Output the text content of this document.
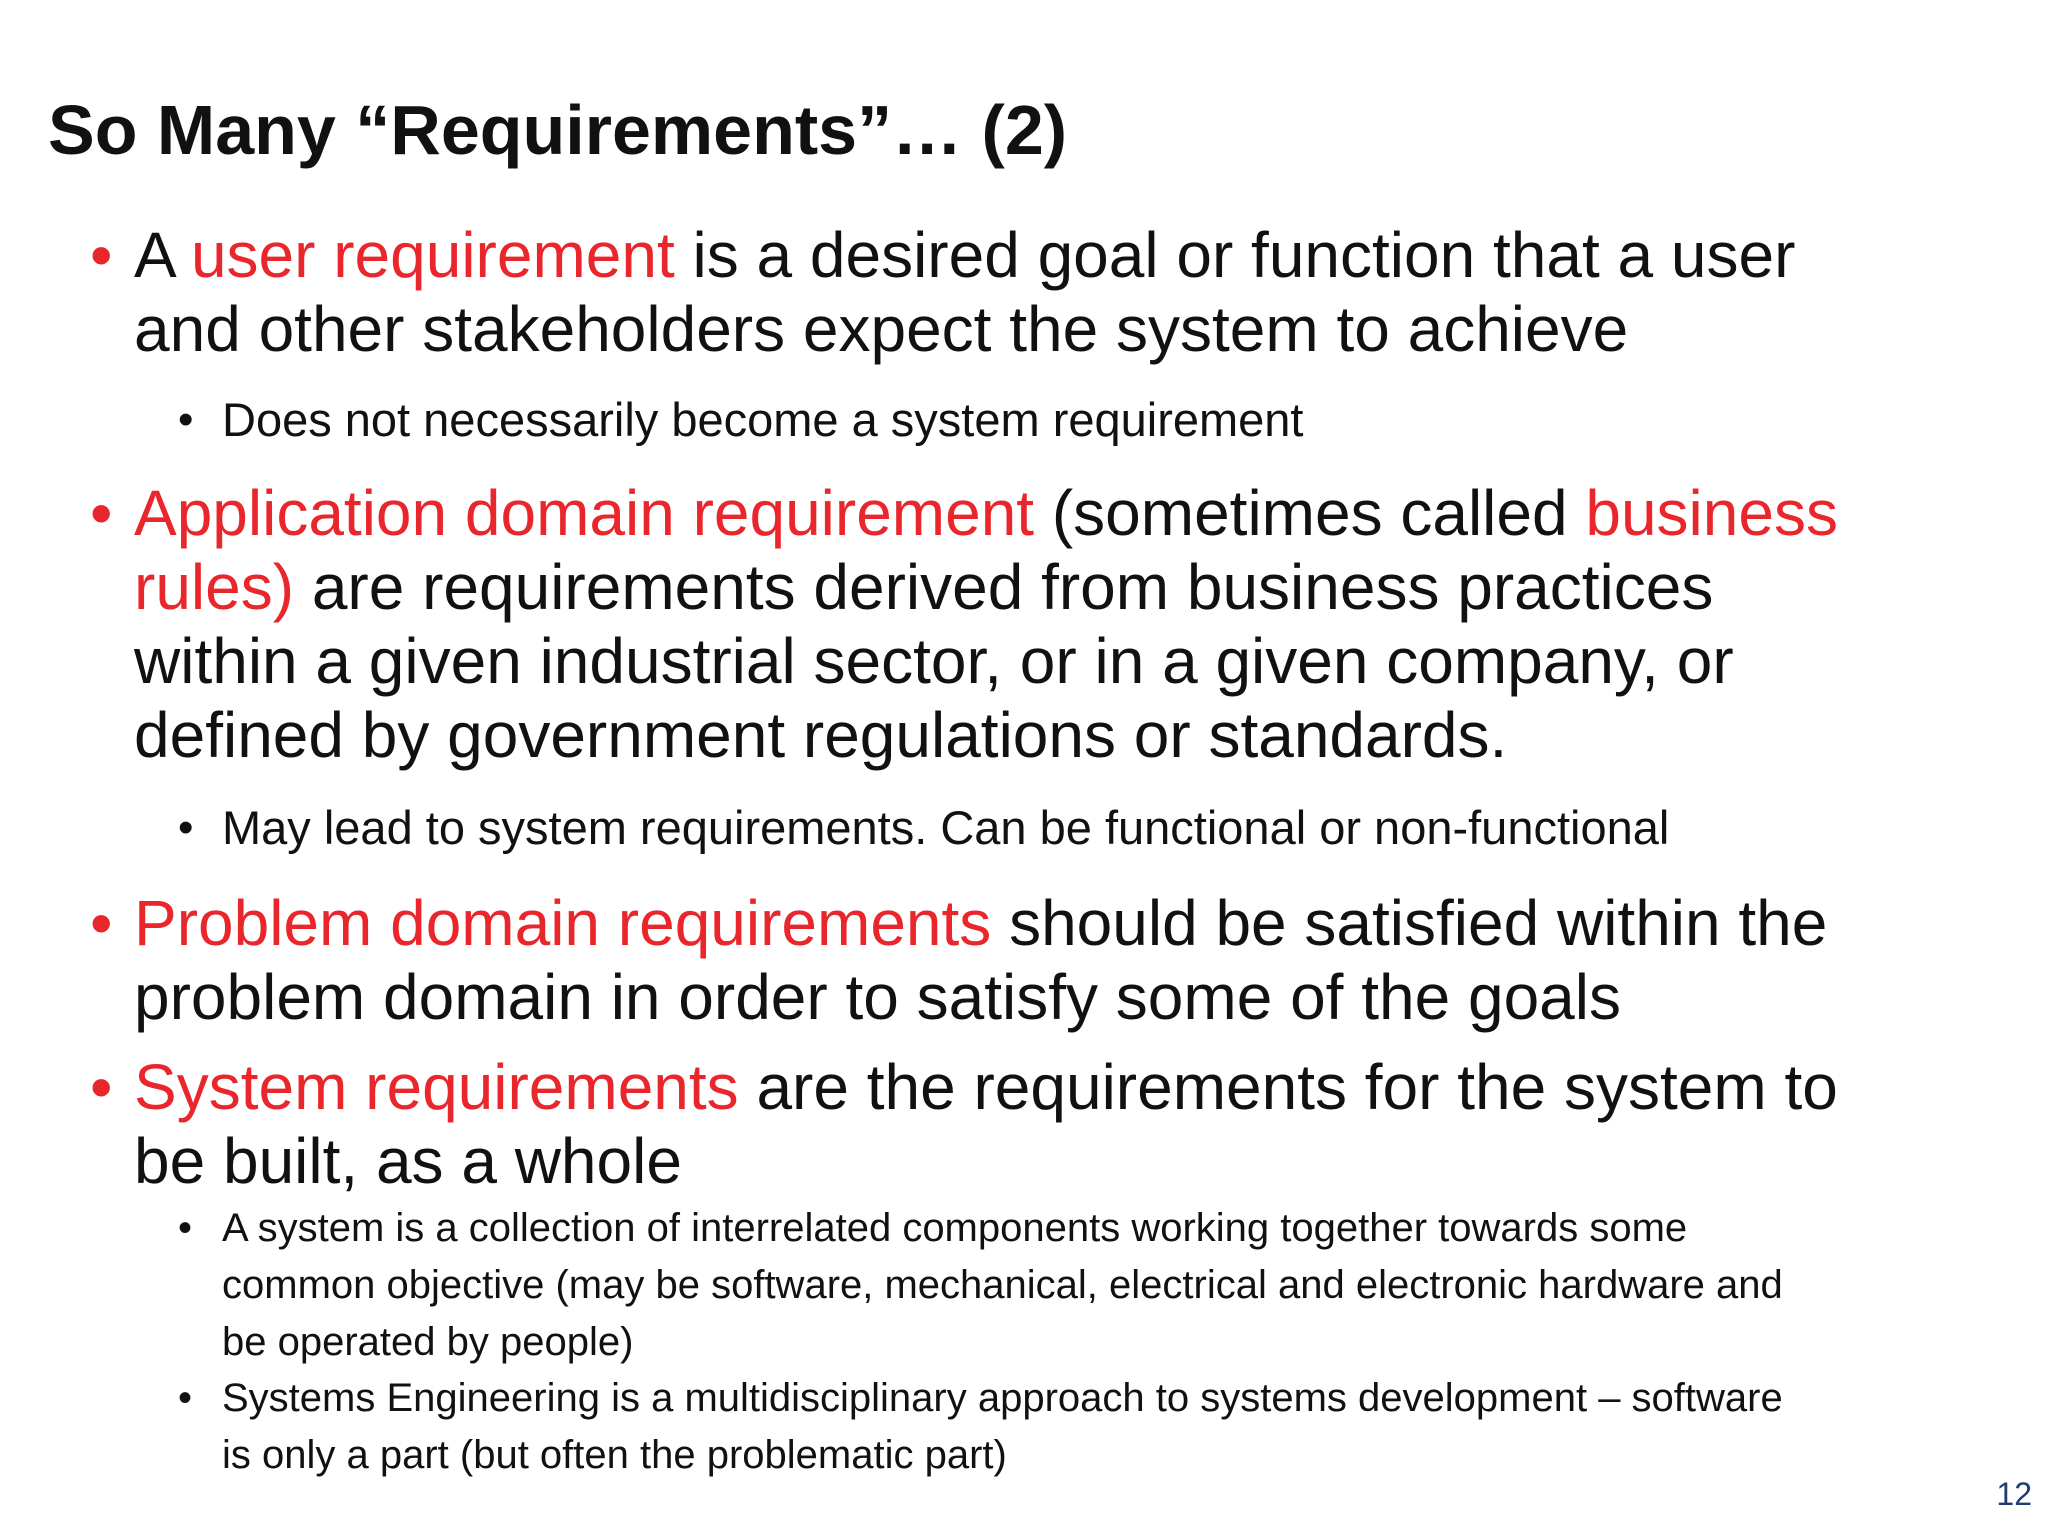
So Many “Requirements”… (2)
• A user requirement is a desired goal or function that a user
and other stakeholders expect the system to achieve
• Does not necessarily become a system requirement
• Application domain requirement (sometimes called business
rules) are requirements derived from business practices
within a given industrial sector, or in a given company, or
defined by government regulations or standards.
• May lead to system requirements. Can be functional or non-functional
• Problem domain requirements should be satisfied within the
problem domain in order to satisfy some of the goals
• System requirements are the requirements for the system to
be built, as a whole
• A system is a collection of interrelated components working together towards some
common objective (may be software, mechanical, electrical and electronic hardware and
be operated by people)
• Systems Engineering is a multidisciplinary approach to systems development – software
is only a part (but often the problematic part)
12
